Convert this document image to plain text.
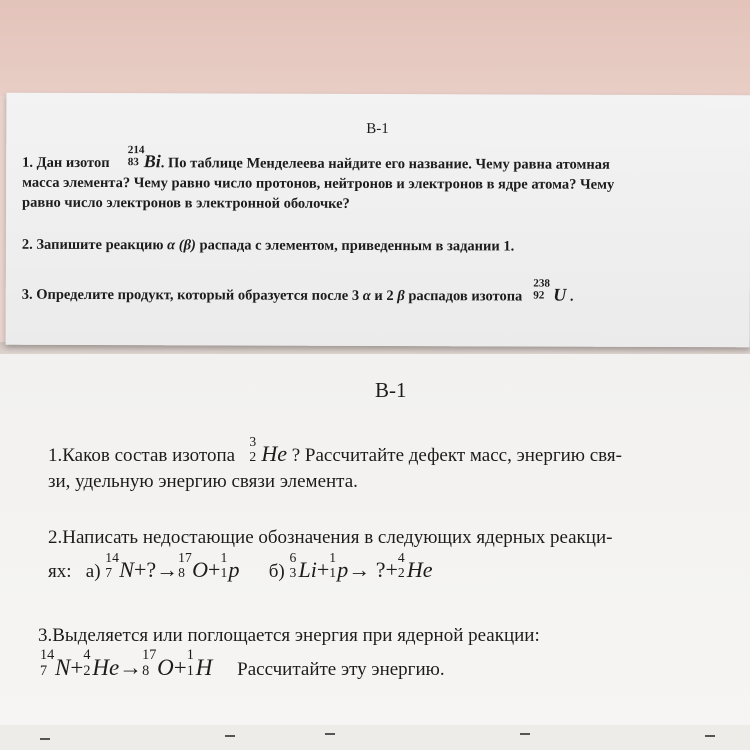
В-1
1. Дан изотоп
214
83 Bi. По таблице Менделеева найдите его название. Чему равна атомная
масса элемента? Чему равно число протонов, нейтронов и электронов в ядре атома? Чему
равно число электронов в электронной оболочке?
2. Запишите реакцию α (β) распада с элементом, приведенным в задании 1.
3. Определите продукт, который образуется после 3 α и 2 β распадов изотопа
238
92 U .
В-1
1.Каков состав изотопа
3
2 He ? Рассчитайте дефект масс, энергию свя-
зи, удельную энергию связи элемента.
2.Написать недостающие обозначения в следующих ядерных реакци-
ях: а)
14
7 N+?→ 17
8 O+ 1
1 p б)
6
3 Li+ 1
1 p→ ?+ 4
2 He
3.Выделяется или поглощается энергия при ядерной реакции:
14
7 N+ 4
2 He→ 17
8 O+ 1
1 H Рассчитайте эту энергию.
